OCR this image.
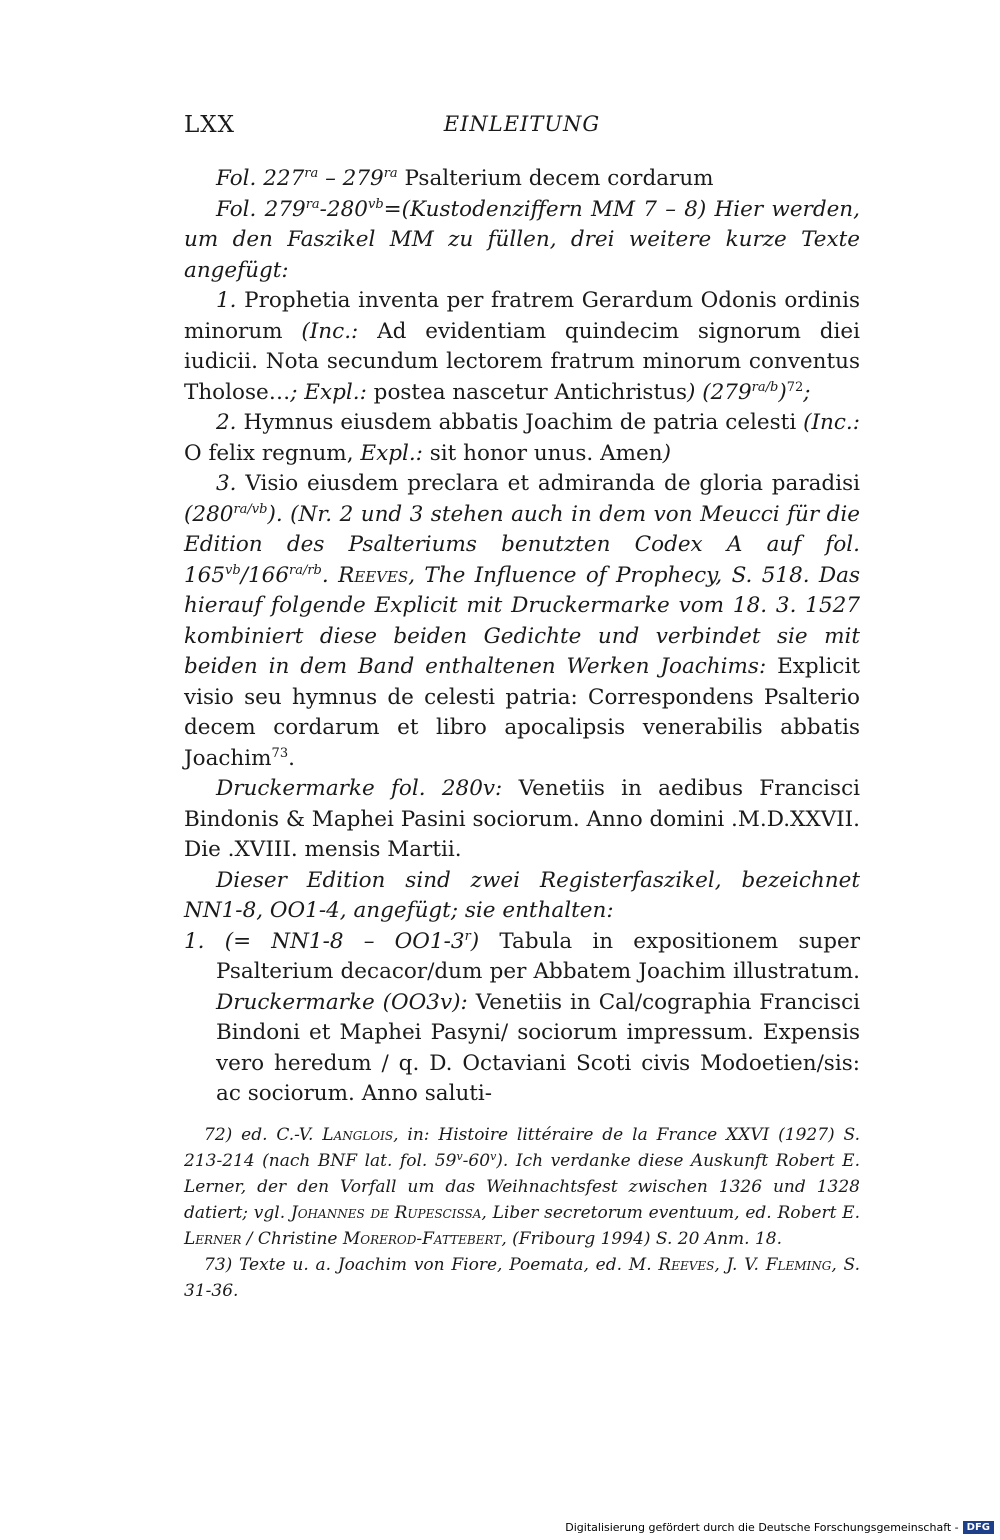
LXX	EINLEITUNG

Fol. $227^{ra} - 279^{ra}$ Psalterium decem cordarum

Fol. $279^{ra}-280^{vb}=(Kustodenziffern$ MM 7 – 8) Hier werden, um den Faszikel MM zu füllen, drei weitere kurze Texte angefügt:

1. Prophetia inventa per fratrem Gerardum Odonis ordinis minorum (Inc.: Ad evidentiam quindecim signorum diei iudicii. Nota secundum lectorem fratrum minorum conventus Tholose…; Expl.: postea nascetur Antichristus) $(279^{ra/b})^{72}$;

2. Hymnus eiusdem abbatis Joachim de patria celesti (Inc.: O felix regnum, Expl.: sit honor unus. Amen)

3. Visio eiusdem preclara et admiranda de gloria paradisi $(280^{ra/vb})$. (Nr. 2 und 3 stehen auch in dem von Meucci für die Edition des Psalteriums benutzten Codex A auf fol. $165^{vb}/166^{ra/rb}$. Reeves, The Influence of Prophecy, S. 518. Das hierauf folgende Explicit mit Druckermarke vom 18. 3. 1527 kombiniert diese beiden Gedichte und verbindet sie mit beiden in dem Band enthaltenen Werken Joachims: Explicit visio seu hymnus de celesti patria: Correspondens Psalterio decem cordarum et libro apocalipsis venerabilis abbatis Joachim$^{73}$.

Druckermarke fol. 280v: Venetiis in aedibus Francisci Bindonis & Maphei Pasini sociorum. Anno domini .M.D.XXVII. Die .XVIII. mensis Martii.

Dieser Edition sind zwei Registerfaszikel, bezeichnet NN1-8, OO1-4, angefügt; sie enthalten:

1. (= NN1-8 – OO1-3$^r$) Tabula in expositionem super Psalterium decacor/dum per Abbatem Joachim illustratum. Druckermarke (OO3v): Venetiis in Cal/cographia Francisci Bindoni et Maphei Pasyni/ sociorum impressum. Expensis vero heredum / q. D. Octaviani Scoti civis Modoetien/sis: ac sociorum. Anno saluti-

72) ed. C.-V. Langlois, in: Histoire littéraire de la France XXVI (1927) S. 213-214 (nach BNF lat. fol. 59$^v$-60$^v$). Ich verdanke diese Auskunft Robert E. Lerner, der den Vorfall um das Weihnachtsfest zwischen 1326 und 1328 datiert; vgl. Johannes de Rupescissa, Liber secretorum eventuum, ed. Robert E. Lerner / Christine Morerod-Fattebert, (Fribourg 1994) S. 20 Anm. 18.

73) Texte u. a. Joachim von Fiore, Poemata, ed. M. Reeves, J. V. Fleming, S. 31-36.

Digitalisierung gefördert durch die Deutsche Forschungsgemeinschaft - DFG
